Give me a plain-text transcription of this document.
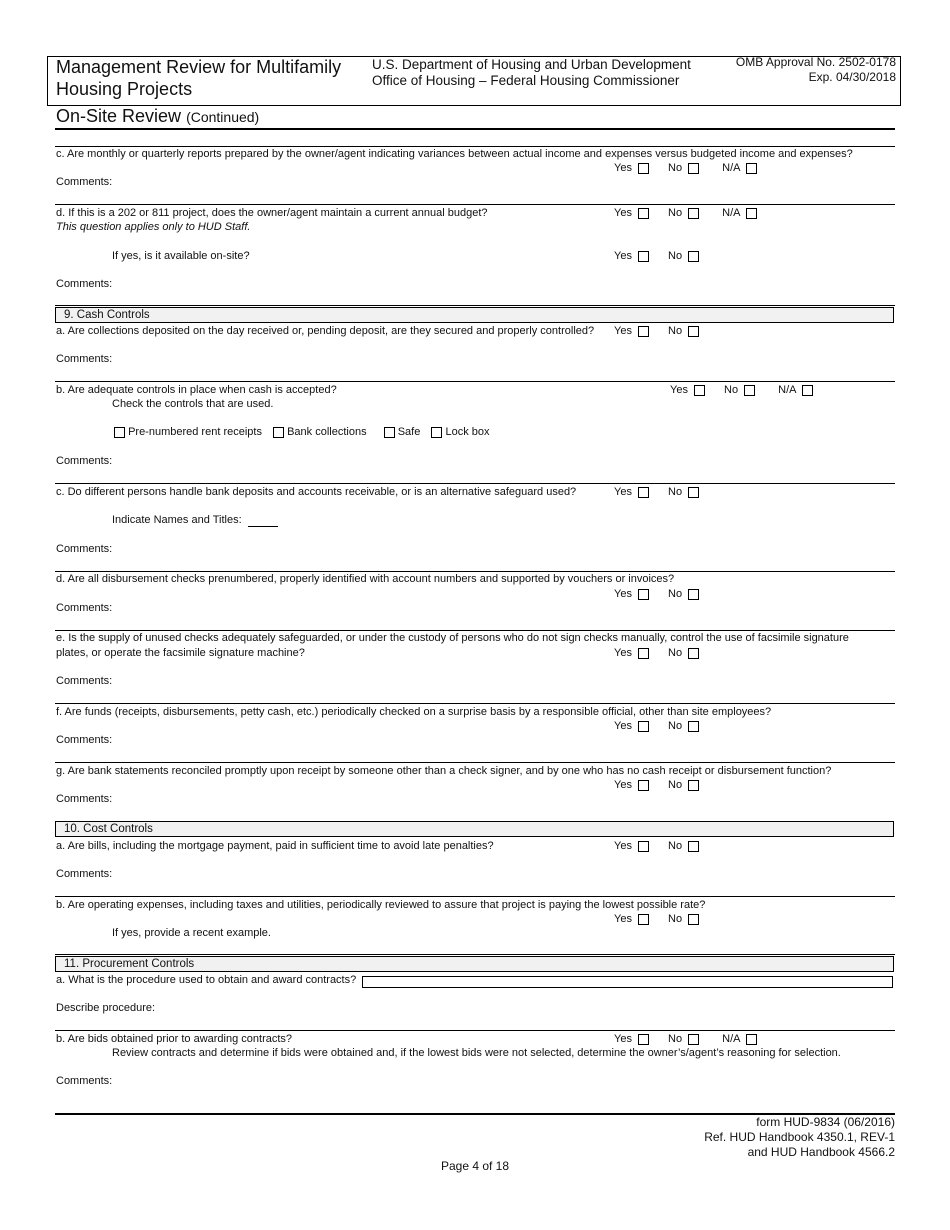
Management Review for Multifamily
Housing Projects
U.S. Department of Housing and Urban Development
Office of Housing – Federal Housing Commissioner
OMB Approval No. 2502-0178
Exp. 04/30/2018
On-Site Review (Continued)
c. Are monthly or quarterly reports prepared by the owner/agent indicating variances between actual income and expenses versus budgeted income and expenses?
Yes	No	N/A
Comments:
d. If this is a 202 or 811 project, does the owner/agent maintain a current annual budget?
This question applies only to HUD Staff.
Yes	No	N/A
If yes, is it available on-site?	Yes	No
Comments:
9. Cash Controls
a. Are collections deposited on the day received or, pending deposit, are they secured and properly controlled? Yes	No
Comments:
b. Are adequate controls in place when cash is accepted?	Yes	No	N/A
Check the controls that are used.
Pre-numbered rent receipts Bank collections	Safe Lock box
Comments:
c. Do different persons handle bank deposits and accounts receivable, or is an alternative safeguard used?	Yes	No
Indicate Names and Titles:
Comments:
d. Are all disbursement checks prenumbered, properly identified with account numbers and supported by vouchers or invoices?
Yes	No
Comments:
e. Is the supply of unused checks adequately safeguarded, or under the custody of persons who do not sign checks manually, control the use of facsimile signature
plates, or operate the facsimile signature machine?	Yes	No
Comments:
f. Are funds (receipts, disbursements, petty cash, etc.) periodically checked on a surprise basis by a responsible official, other than site employees?
Yes	No
Comments:
g. Are bank statements reconciled promptly upon receipt by someone other than a check signer, and by one who has no cash receipt or disbursement function?
Yes	No
Comments:
10. Cost Controls
a. Are bills, including the mortgage payment, paid in sufficient time to avoid late penalties?	Yes	No
Comments:
b. Are operating expenses, including taxes and utilities, periodically reviewed to assure that project is paying the lowest possible rate?
Yes	No
If yes, provide a recent example.
11. Procurement Controls
a. What is the procedure used to obtain and award contracts?
Describe procedure:
b. Are bids obtained prior to awarding contracts?	Yes	No	N/A
Review contracts and determine if bids were obtained and, if the lowest bids were not selected, determine the owner’s/agent’s reasoning for selection.
Comments:
form HUD-9834 (06/2016)
Ref. HUD Handbook 4350.1, REV-1
and HUD Handbook 4566.2
Page 4 of 18
